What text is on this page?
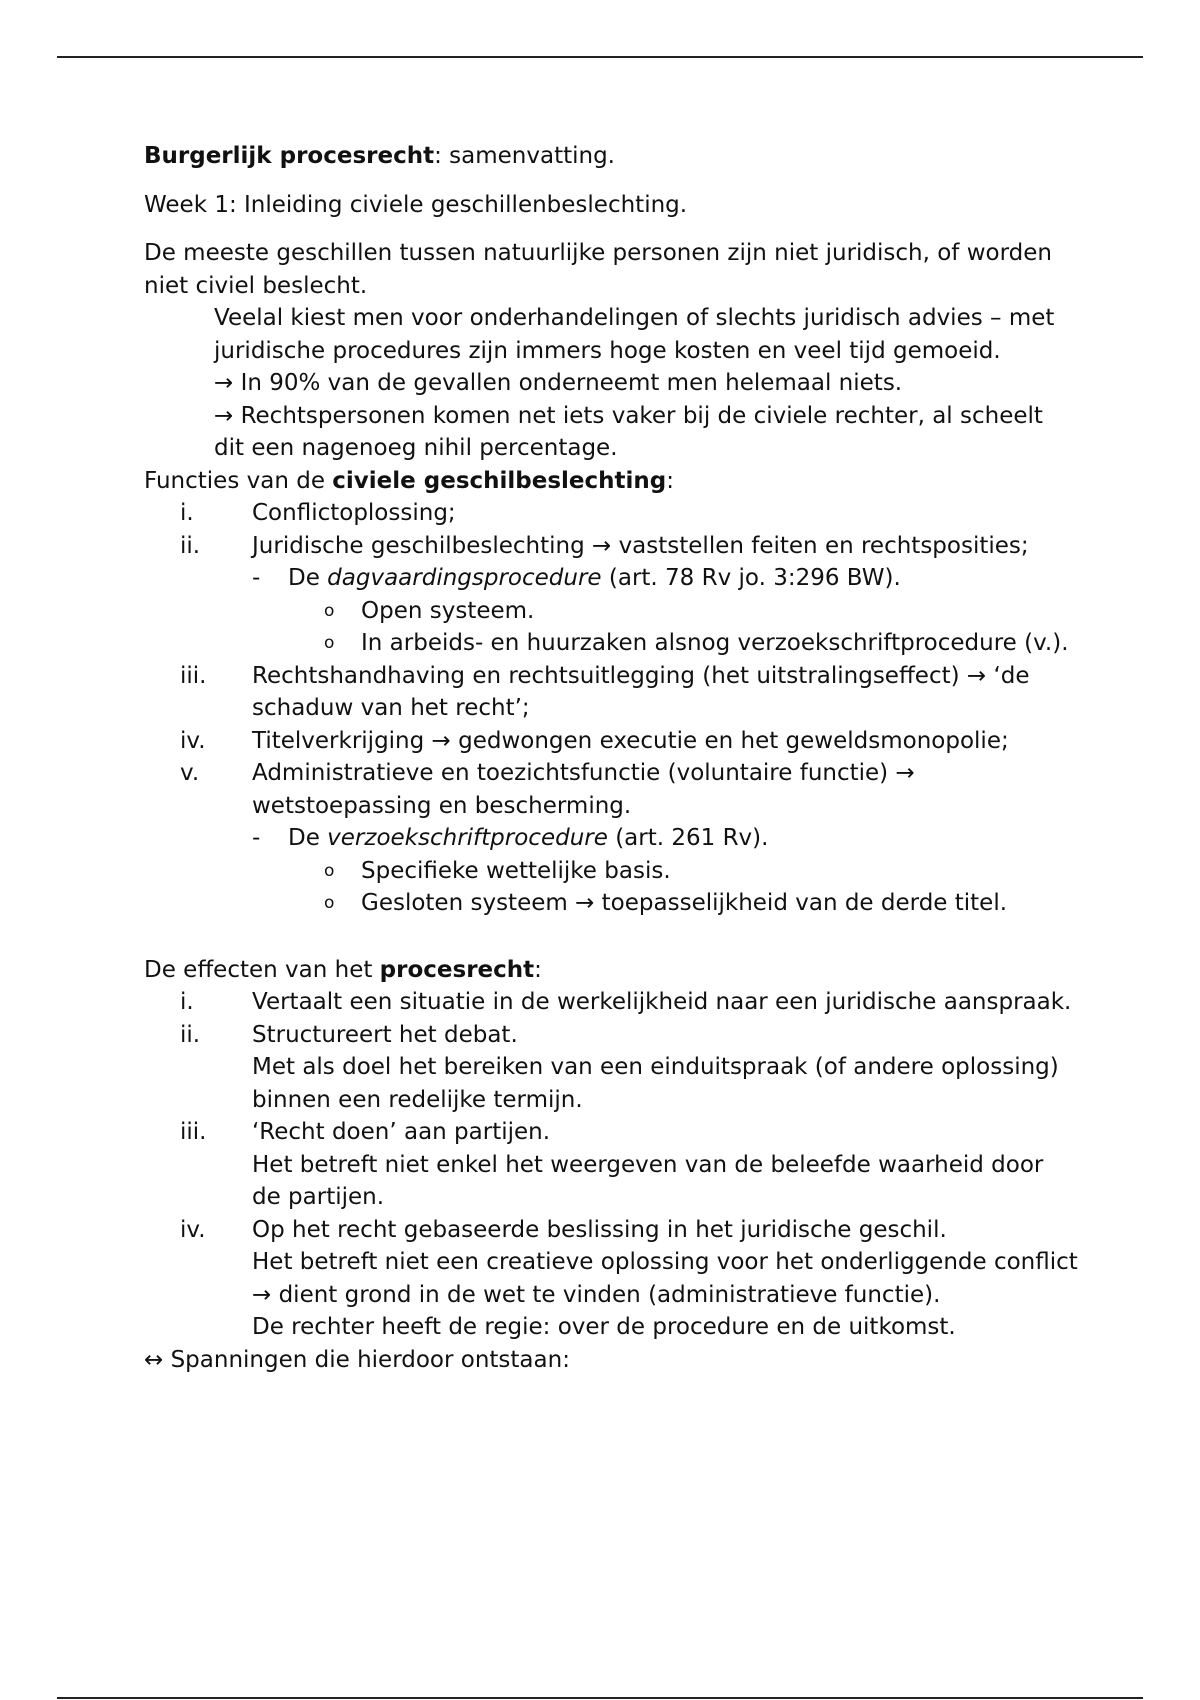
Burgerlijk procesrecht: samenvatting.

Week 1: Inleiding civiele geschillenbeslechting.

De meeste geschillen tussen natuurlijke personen zijn niet juridisch, of worden niet civiel beslecht.

Veelal kiest men voor onderhandelingen of slechts juridisch advies – met juridische procedures zijn immers hoge kosten en veel tijd gemoeid.

→ In 90% van de gevallen onderneemt men helemaal niets.

→ Rechtspersonen komen net iets vaker bij de civiele rechter, al scheelt dit een nagenoeg nihil percentage.

Functies van de civiele geschilbeslechting:

i.	Conflictoplossing;
ii. Juridische geschilbeslechting → vaststellen feiten en rechtsposities;
- De dagvaardingsprocedure (art. 78 Rv jo. 3:296 BW).
o Open systeem.
o In arbeids- en huurzaken alsnog verzoekschriftprocedure (v.).
iii. Rechtshandhaving en rechtsuitlegging (het uitstralingseffect) → ‘de schaduw van het recht’;
iv. Titelverkrijging → gedwongen executie en het geweldsmonopolie;
v. Administratieve en toezichtsfunctie (voluntaire functie) → wetstoepassing en bescherming.
- De verzoekschriftprocedure (art. 261 Rv).
o Specifieke wettelijke basis.
o Gesloten systeem → toepasselijkheid van de derde titel.

De effecten van het procesrecht:

i.	Vertaalt een situatie in de werkelijkheid naar een juridische aanspraak.
ii. Structureert het debat.
Met als doel het bereiken van een einduitspraak (of andere oplossing) binnen een redelijke termijn.
iii. ‘Recht doen’ aan partijen.
Het betreft niet enkel het weergeven van de beleefde waarheid door de partijen.
iv. Op het recht gebaseerde beslissing in het juridische geschil.
Het betreft niet een creatieve oplossing voor het onderliggende conflict → dient grond in de wet te vinden (administratieve functie).
De rechter heeft de regie: over de procedure en de uitkomst.

↔ Spanningen die hierdoor ontstaan:
